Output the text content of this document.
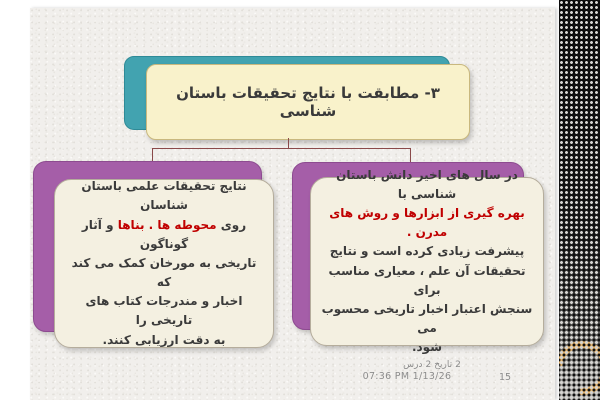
۳- مطابقت با نتایج تحقیقات باستان شناسی
نتایج تحقیقات علمی باستان شناسان
روی محوطه ها . بناها و آثار گوناگون
تاریخی به مورخان کمک می کند که
اخبار و مندرجات کتاب های تاریخی را
به دقت ارزیابی کنند.
در سال های اخیر دانش باستان شناسی با
بهره گیری از ابزارها و روش های مدرن .
پیشرفت زیادی کرده است و نتایج
تحقیقات آن علم ، معیاری مناسب برای
سنجش اعتبار اخبار تاریخی محسوب می
شود.
درس 2 تاریخ 2
07:36 PM 1/13/26	15
